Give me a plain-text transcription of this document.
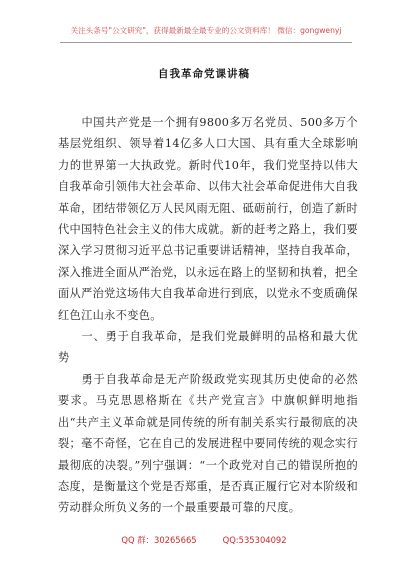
关注头条号"公文研究"，获得最新最全最专业的公文资料库！ 微信：gongwenyj
自我革命党课讲稿

中国共产党是一个拥有9800多万名党员、500多万个基层党组织、领导着14亿多人口大国、具有重大全球影响力的世界第一大执政党。新时代10年，我们党坚持以伟大自我革命引领伟大社会革命、以伟大社会革命促进伟大自我革命，团结带领亿万人民风雨无阻、砥砺前行，创造了新时代中国特色社会主义的伟大成就。新的赶考之路上，我们要深入学习贯彻习近平总书记重要讲话精神，坚持自我革命，深入推进全面从严治党，以永远在路上的坚韧和执着，把全面从严治党这场伟大自我革命进行到底，以党永不变质确保红色江山永不变色。

一、勇于自我革命，是我们党最鲜明的品格和最大优势

勇于自我革命是无产阶级政党实现其历史使命的必然要求。马克思恩格斯在《共产党宣言》中旗帜鲜明地指出“共产主义革命就是同传统的所有制关系实行最彻底的决裂；毫不奇怪，它在自己的发展进程中要同传统的观念实行最彻底的决裂。”列宁强调：“一个政党对自己的错误所抱的态度，是衡量这个党是否郑重，是否真正履行它对本阶级和劳动群众所负义务的一个最重要最可靠的尺度。

QQ 群：30265665	QQ:535304092
